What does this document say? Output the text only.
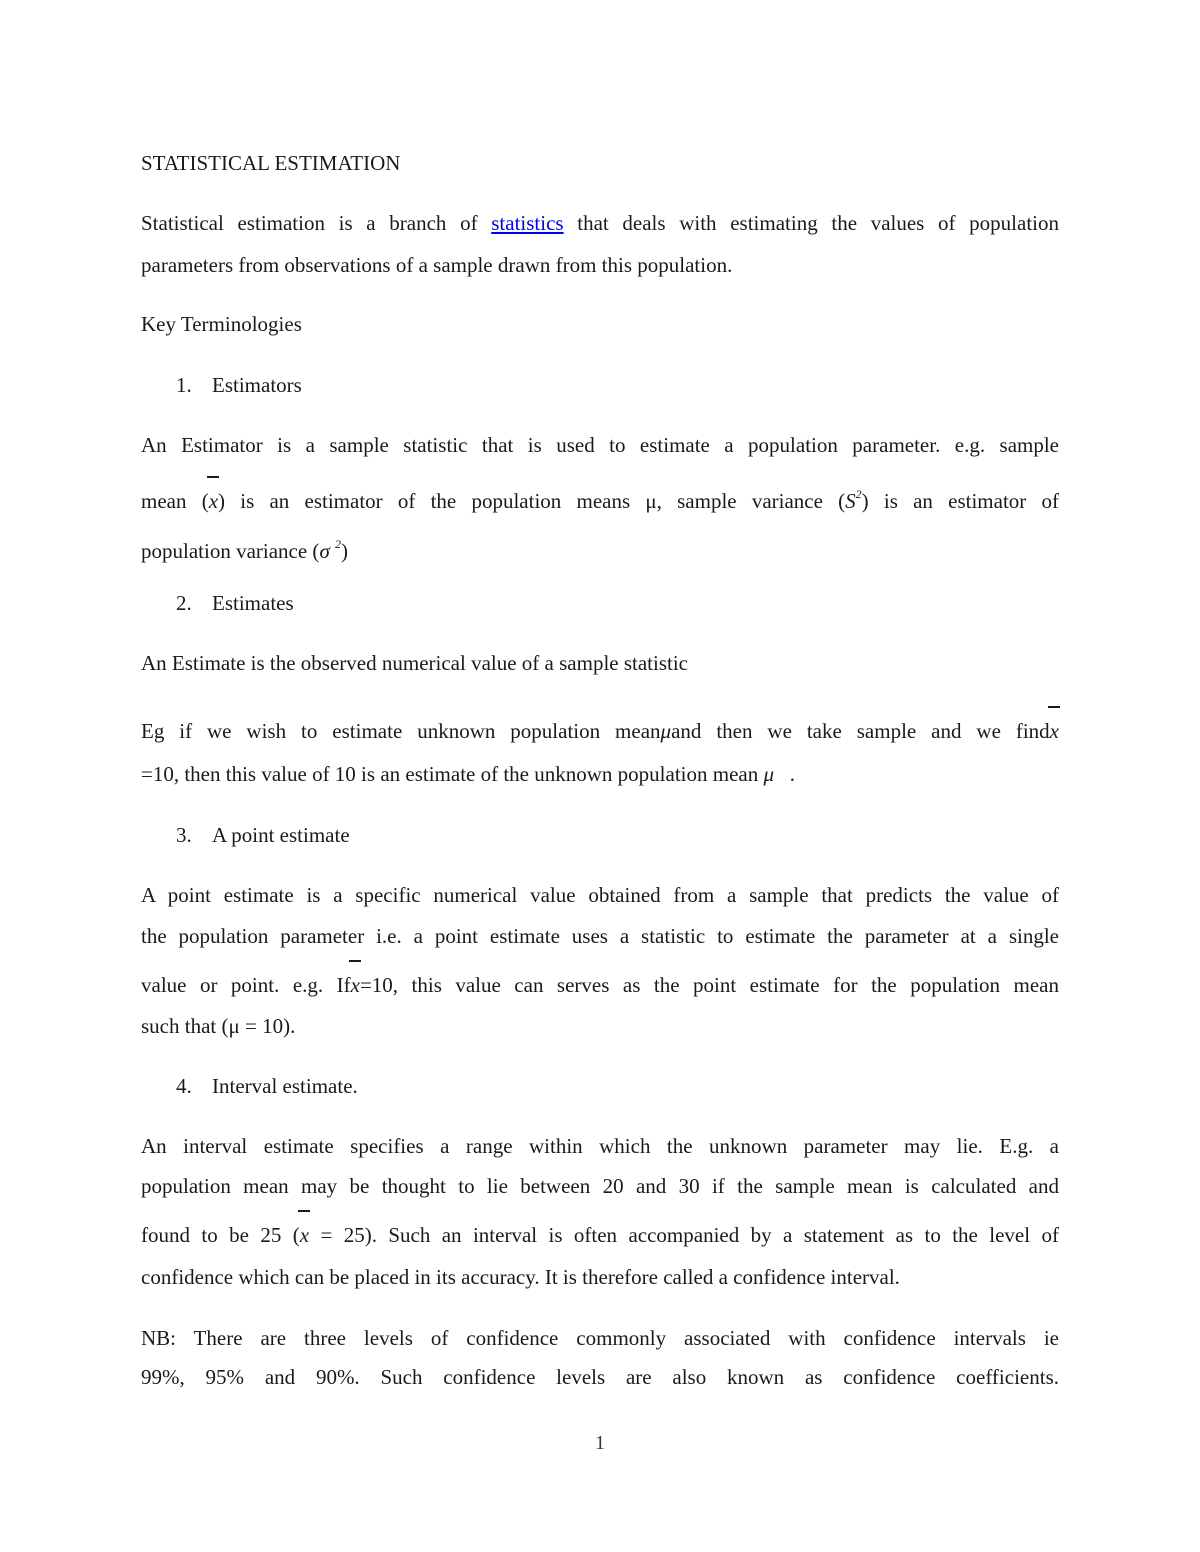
STATISTICAL ESTIMATION
Statistical estimation is a branch of statistics that deals with estimating the values of population
parameters from observations of a sample drawn from this population.
Key Terminologies
1. Estimators
An Estimator is a sample statistic that is used to estimate a population parameter. e.g. sample
mean (
x) is an estimator of the population means μ, sample variance $(S^2)$ is an estimator of
population variance (σ $^2$)
2. Estimates
An Estimate is the observed numerical value of a sample statistic
Eg if we wish to estimate unknown population meanμand then we take sample and we find
x
=10, then this value of 10 is an estimate of the unknown population mean μ .
3. A point estimate
A point estimate is a specific numerical value obtained from a sample that predicts the value of
the population parameter i.e. a point estimate uses a statistic to estimate the parameter at a single
value or point. e.g. If
x=10, this value can serves as the point estimate for the population mean
such that (μ = 10).
4. Interval estimate.
An interval estimate specifies a range within which the unknown parameter may lie. E.g. a
population mean may be thought to lie between 20 and 30 if the sample mean is calculated and
found to be 25 (
x = 25). Such an interval is often accompanied by a statement as to the level of
confidence which can be placed in its accuracy. It is therefore called a confidence interval.
NB: There are three levels of confidence commonly associated with confidence intervals ie
99%, 95% and 90%. Such confidence levels are also known as confidence coefficients.
1
